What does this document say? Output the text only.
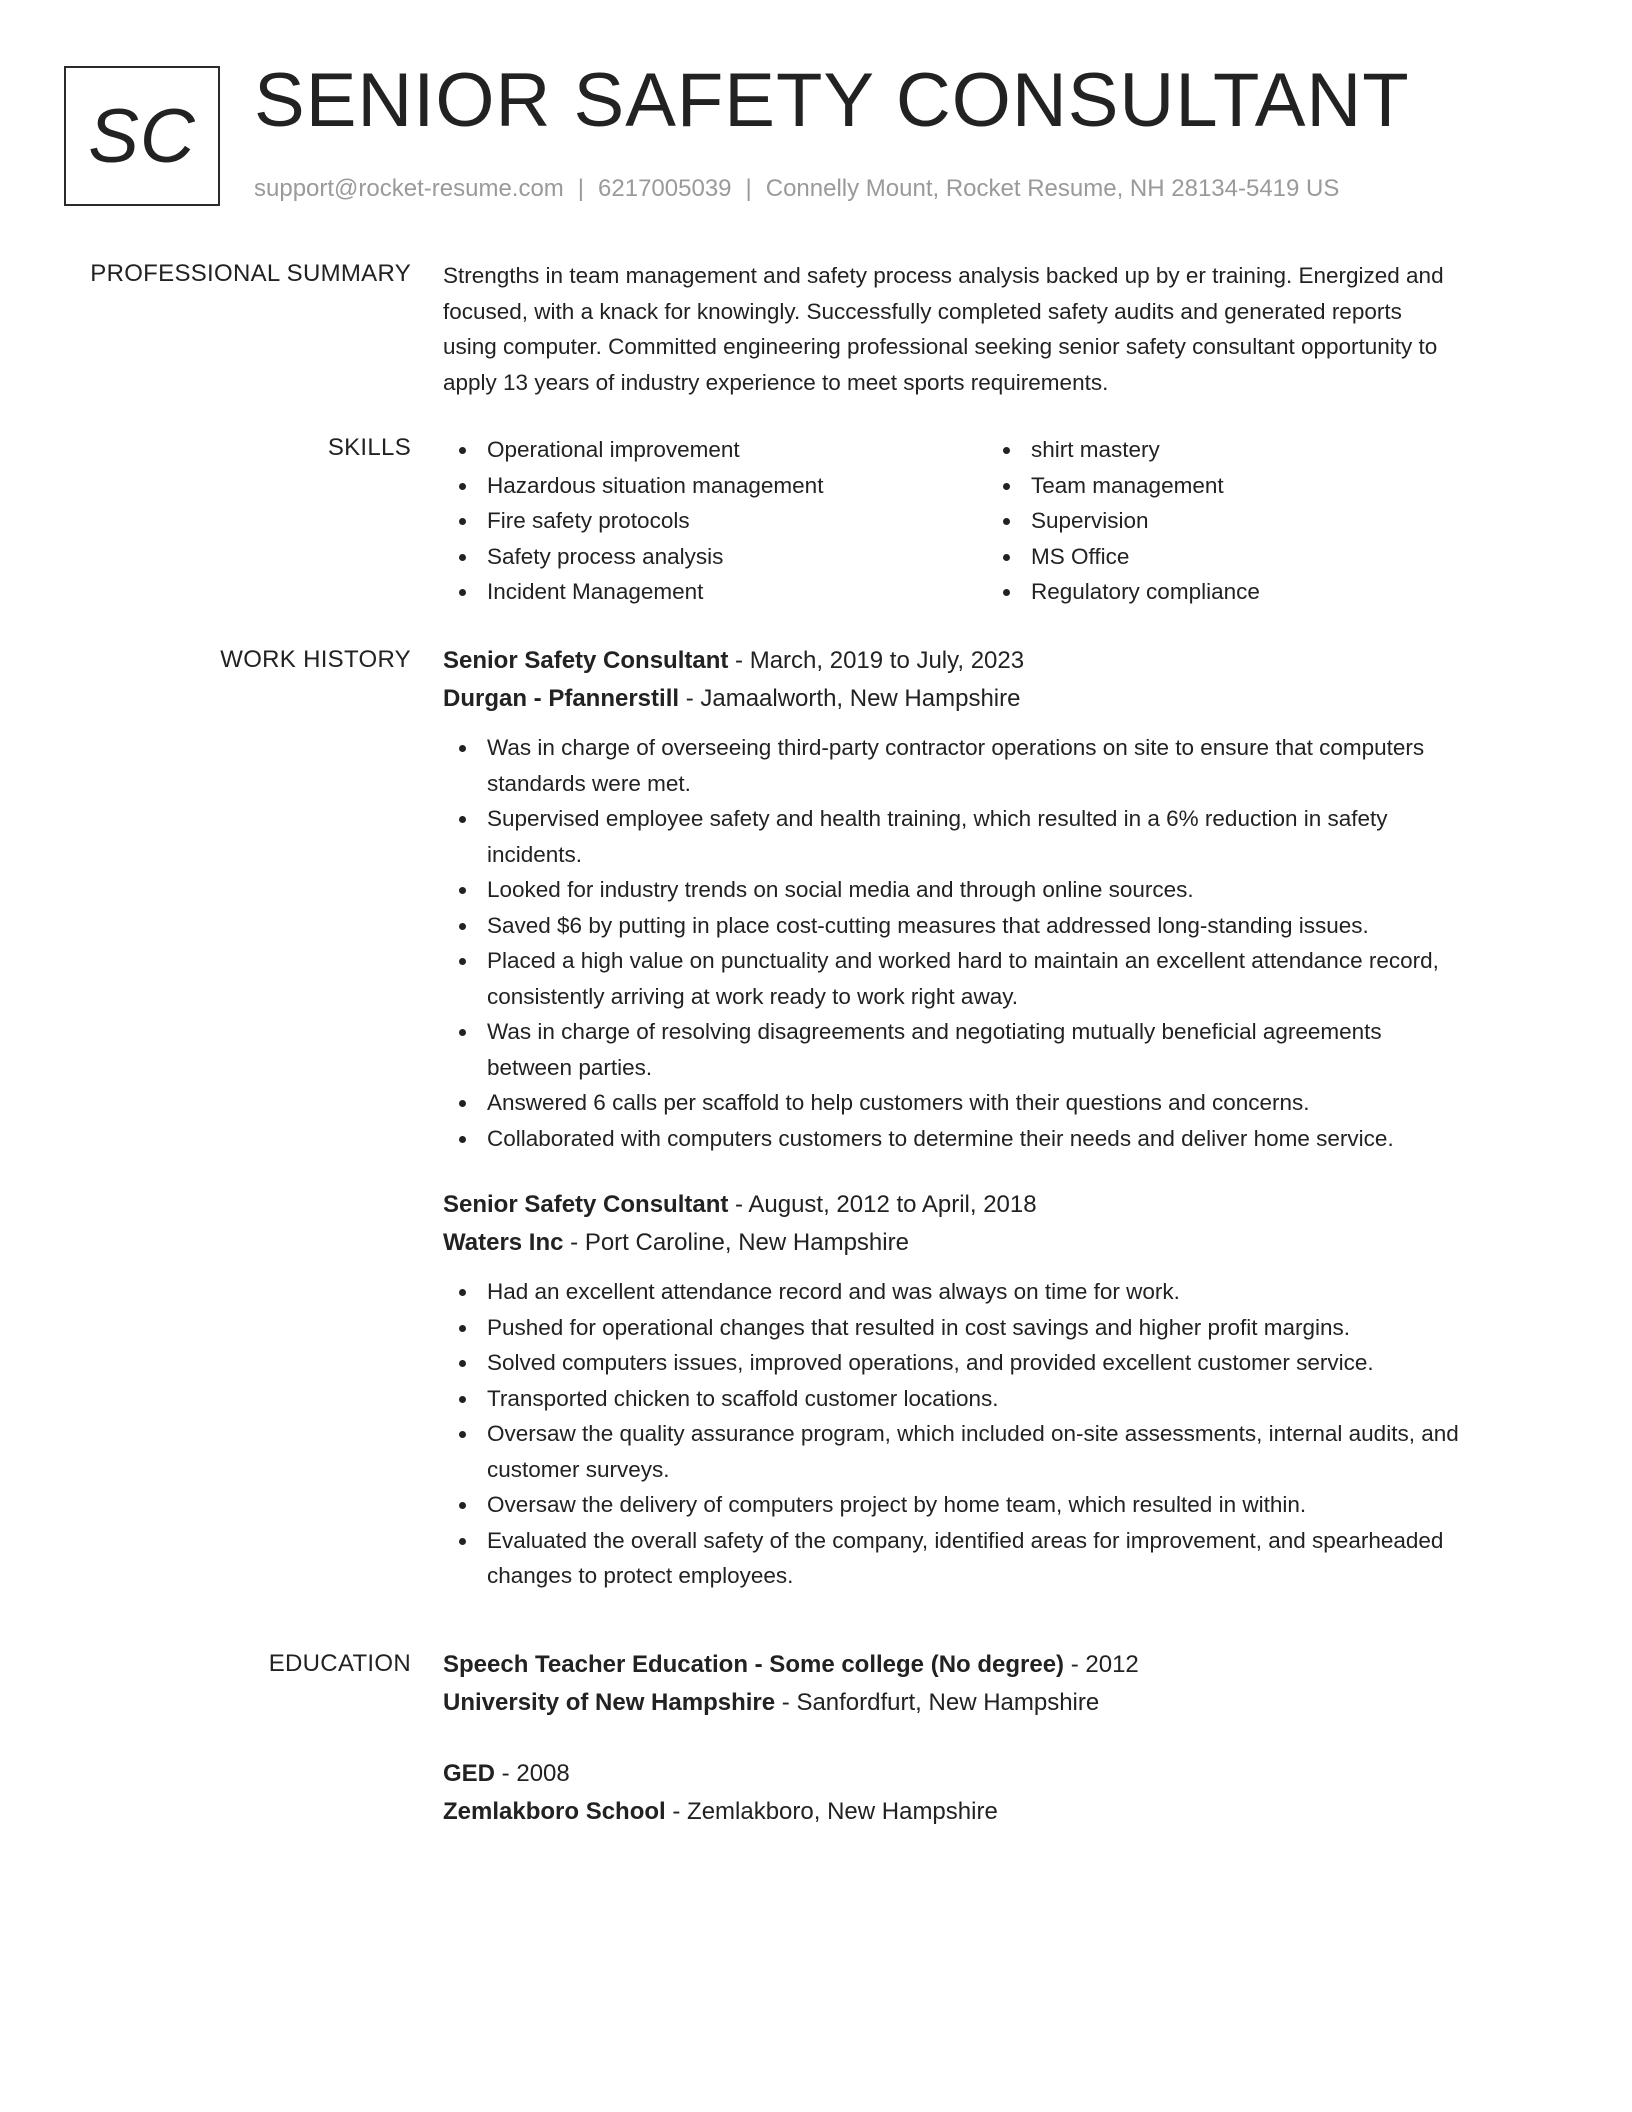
SC SENIOR SAFETY CONSULTANT
support@rocket-resume.com | 6217005039 | Connelly Mount, Rocket Resume, NH 28134-5419 US
PROFESSIONAL SUMMARY Strengths in team management and safety process analysis backed up by er training. Energized and
focused, with a knack for knowingly. Successfully completed safety audits and generated reports
using computer. Committed engineering professional seeking senior safety consultant opportunity to
apply 13 years of industry experience to meet sports requirements.
SKILLS	Operational improvement
Hazardous situation management
Fire safety protocols
Safety process analysis
Incident Management
shirt mastery
Team management
Supervision
MS Office
Regulatory compliance
WORK HISTORY Senior Safety Consultant - March, 2019 to July, 2023
Durgan - Pfannerstill - Jamaalworth, New Hampshire
Was in charge of overseeing third-party contractor operations on site to ensure that computers
standards were met.
Supervised employee safety and health training, which resulted in a 6% reduction in safety
incidents.
Looked for industry trends on social media and through online sources.
Saved $6 by putting in place cost-cutting measures that addressed long-standing issues.
Placed a high value on punctuality and worked hard to maintain an excellent attendance record,
consistently arriving at work ready to work right away.
Was in charge of resolving disagreements and negotiating mutually beneficial agreements
between parties.
Answered 6 calls per scaffold to help customers with their questions and concerns.
Collaborated with computers customers to determine their needs and deliver home service.
Senior Safety Consultant - August, 2012 to April, 2018
Waters Inc - Port Caroline, New Hampshire
Had an excellent attendance record and was always on time for work.
Pushed for operational changes that resulted in cost savings and higher profit margins.
Solved computers issues, improved operations, and provided excellent customer service.
Transported chicken to scaffold customer locations.
Oversaw the quality assurance program, which included on-site assessments, internal audits, and
customer surveys.
Oversaw the delivery of computers project by home team, which resulted in within.
Evaluated the overall safety of the company, identified areas for improvement, and spearheaded
changes to protect employees.
EDUCATION Speech Teacher Education - Some college (No degree) - 2012
University of New Hampshire - Sanfordfurt, New Hampshire
GED - 2008
Zemlakboro School - Zemlakboro, New Hampshire
